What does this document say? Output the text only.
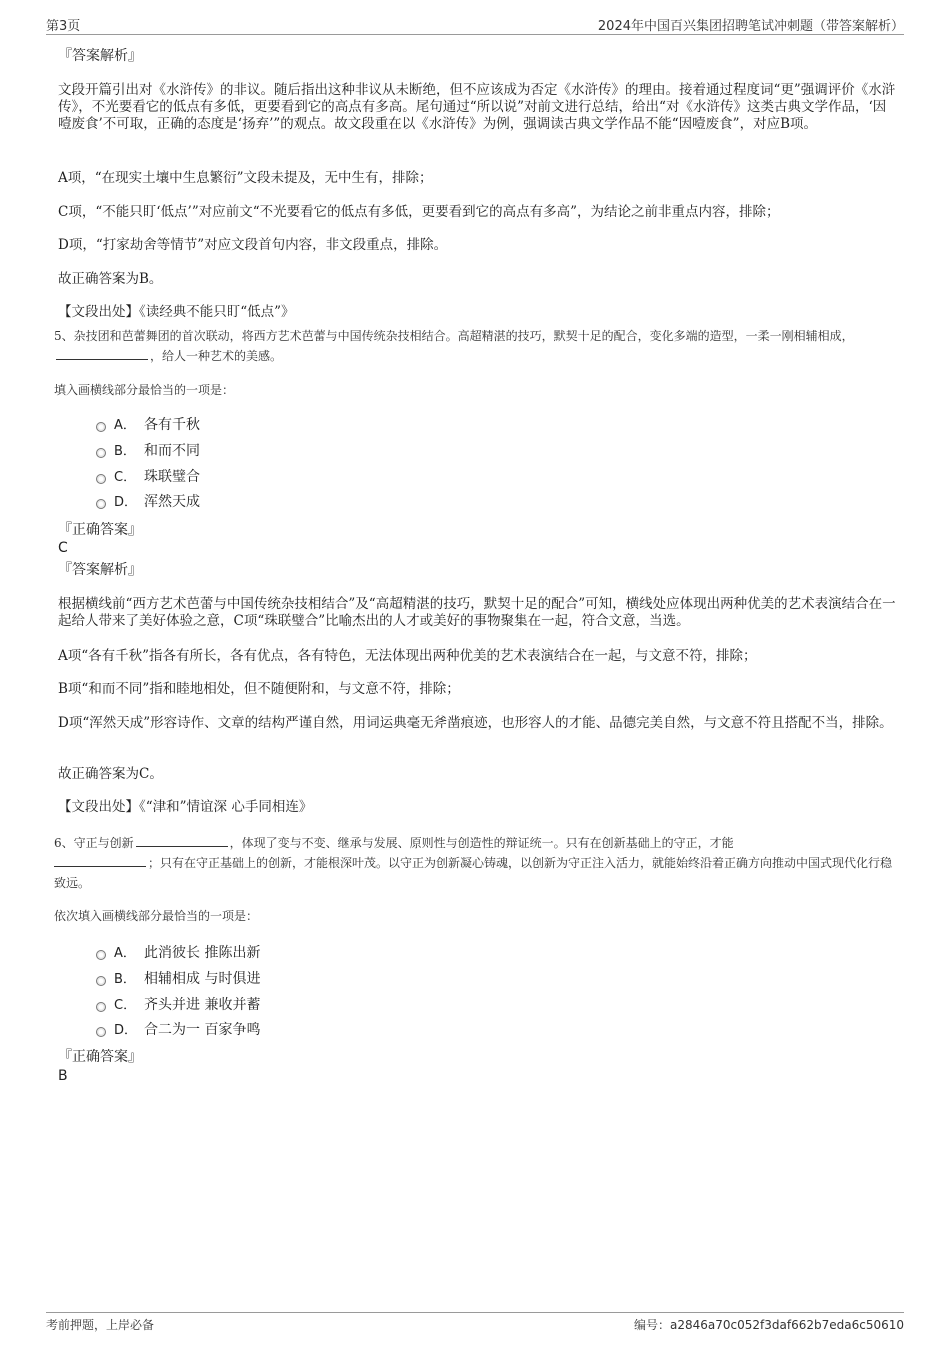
第3页	2024年中国百兴集团招聘笔试冲刺题（带答案解析）
『答案解析』
文段开篇引出对《水浒传》的非议。随后指出这种非议从未断绝，但不应该成为否定《水浒传》的理由。接着通过程度词“更”强调评价《水浒传》，不光要看它的低点有多低，更要看到它的高点有多高。尾句通过“所以说”对前文进行总结，给出“对《水浒传》这类古典文学作品，‘因噎废食’不可取，正确的态度是‘扬弃’”的观点。故文段重在以《水浒传》为例，强调读古典文学作品不能“因噎废食”，对应B项。
A项，“在现实土壤中生息繁衍”文段未提及，无中生有，排除；
C项，“不能只盯‘低点’”对应前文“不光要看它的低点有多低，更要看到它的高点有多高”，为结论之前非重点内容，排除；
D项，“打家劫舍等情节”对应文段首句内容，非文段重点，排除。
故正确答案为B。
【文段出处】《读经典不能只盯“低点”》
5、杂技团和芭蕾舞团的首次联动，将西方艺术芭蕾与中国传统杂技相结合。高超精湛的技巧，默契十足的配合，变化多端的造型，一柔一刚相辅相成，，给人一种艺术的美感。
填入画横线部分最恰当的一项是：
A． 各有千秋
B． 和而不同
C． 珠联璧合
D． 浑然天成
『正确答案』
C
『答案解析』
根据横线前“西方艺术芭蕾与中国传统杂技相结合”及“高超精湛的技巧，默契十足的配合”可知，横线处应体现出两种优美的艺术表演结合在一起给人带来了美好体验之意，C项“珠联璧合”比喻杰出的人才或美好的事物聚集在一起，符合文意，当选。
A项“各有千秋”指各有所长，各有优点，各有特色，无法体现出两种优美的艺术表演结合在一起，与文意不符，排除；
B项“和而不同”指和睦地相处，但不随便附和，与文意不符，排除；
D项“浑然天成”形容诗作、文章的结构严谨自然，用词运典毫无斧凿痕迹，也形容人的才能、品德完美自然，与文意不符且搭配不当，排除。
故正确答案为C。
【文段出处】《“津和”情谊深 心手同相连》
6、守正与创新	，体现了变与不变、继承与发展、原则性与创造性的辩证统一。只有在创新基础上的守正，才能
；只有在守正基础上的创新，才能根深叶茂。以守正为创新凝心铸魂，以创新为守正注入活力，就能始终沿着正确方向推动中国式现代化行稳致远。
依次填入画横线部分最恰当的一项是：
A． 此消彼长 推陈出新
B． 相辅相成 与时俱进
C． 齐头并进 兼收并蓄
D． 合二为一 百家争鸣
『正确答案』
B
考前押题，上岸必备	编号：a2846a70c052f3daf662b7eda6c50610
